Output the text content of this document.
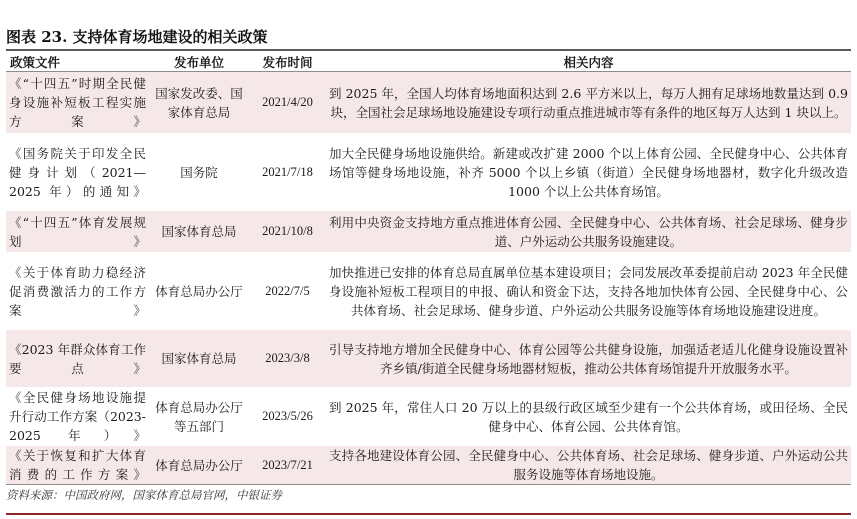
图表 23. 支持体育场地建设的相关政策
政策文件	发布单位	发布时间	相关内容
《“十四五”时期全民健身设施补短板工程实施方案》	国家发改委、国家体育总局	2021/4/20	到 2025 年，全国人均体育场地面积达到 2.6 平方米以上，每万人拥有足球场地数量达到 0.9 块，全国社会足球场地设施建设专项行动重点推进城市等有条件的地区每万人达到 1 块以上。
《国务院关于印发全民健身计划（2021—2025 年）的通知》	国务院	2021/7/18	加大全民健身场地设施供给。新建或改扩建 2000 个以上体育公园、全民健身中心、公共体育场馆等健身场地设施，补齐 5000 个以上乡镇（街道）全民健身场地器材，数字化升级改造 1000 个以上公共体育场馆。
《“十四五”体育发展规划》	国家体育总局	2021/10/8	利用中央资金支持地方重点推进体育公园、全民健身中心、公共体育场、社会足球场、健身步道、户外运动公共服务设施建设。
《关于体育助力稳经济促消费激活力的工作方案》	体育总局办公厅	2022/7/5	加快推进已安排的体育总局直属单位基本建设项目；会同发展改革委提前启动 2023 年全民健身设施补短板工程项目的申报、确认和资金下达，支持各地加快体育公园、全民健身中心、公共体育场、社会足球场、健身步道、户外运动公共服务设施等体育场地设施建设进度。
《2023 年群众体育工作要点》	国家体育总局	2023/3/8	引导支持地方增加全民健身中心、体育公园等公共健身设施，加强适老适儿化健身设施设置补齐乡镇/街道全民健身场地器材短板，推动公共体育场馆提升开放服务水平。
《全民健身场地设施提升行动工作方案（2023-2025 年）》	体育总局办公厅等五部门	2023/5/26	到 2025 年，常住人口 20 万以上的县级行政区域至少建有一个公共体育场，或田径场、全民健身中心、体育公园、公共体育馆。
《关于恢复和扩大体育消费的工作方案》	体育总局办公厅	2023/7/21	支持各地建设体育公园、全民健身中心、公共体育场、社会足球场、健身步道、户外运动公共服务设施等体育场地设施。
资料来源：中国政府网，国家体育总局官网，中银证券
